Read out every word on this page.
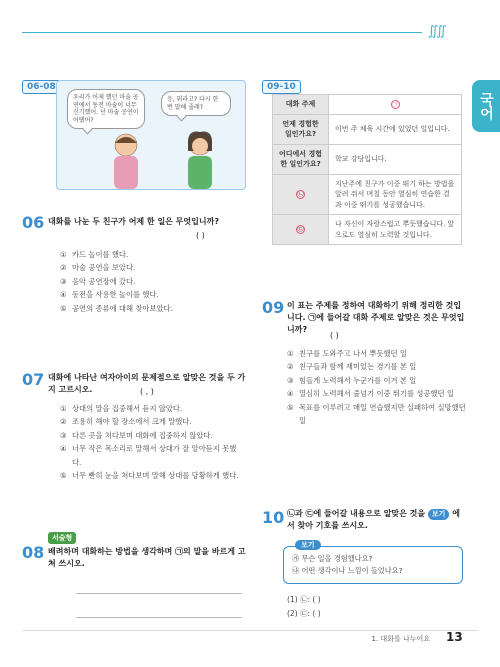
∬∬
국어
06-08
우리가 어제 했던 마술 공연에서 동전 마술이 너무 신기했어. 넌 마술 공연이 어땠어?
응, 뭐라고? 다시 한 번 말해 줄래?
06 대화를 나눈 두 친구가 어제 한 일은 무엇입니까?
( )
① 카드 놀이를 했다.
② 마술 공연을 보았다.
③ 음악 공연장에 갔다.
④ 동전을 사용한 놀이를 했다.
⑤ 공연의 종류에 대해 찾아보았다.
07 대화에 나타난 여자아이의 문제점으로 알맞은 것을 두 가지 고르시오.	( , )
① 상대의 말을 집중해서 듣지 않았다.
② 조용히 해야 할 장소에서 크게 말했다.
③ 다른 곳을 쳐다보며 대화에 집중하지 않았다.
④ 너무 작은 목소리로 말해서 상대가 잘 알아듣지 못했다.
⑤ 너무 빤히 눈을 쳐다보며 말해 상대를 당황하게 했다.
서술형
08 배려하며 대화하는 방법을 생각하며 ㉠의 말을 바르게 고쳐 쓰시오.
09-10
대화 주제	㉠
언제 경험한 일인가요?	이번 주 체육 시간에 있었던 일입니다.
어디에서 경험한 일인가요?	학교 강당입니다.
㉡	지난주에 친구가 이중 뛰기 하는 방법을 알려 줘서 며칠 동안 열심히 연습한 결과 이중 뛰기를 성공했습니다.
㉢	나 자신이 자랑스럽고 뿌듯했습니다. 앞으로도 열심히 노력할 것입니다.
09 이 표는 주제를 정하여 대화하기 위해 정리한 것입니다. ㉠에 들어갈 대화 주제로 알맞은 것은 무엇입니까?
( )
① 친구를 도와주고 나서 뿌듯했던 일
② 친구들과 함께 재미있는 경기를 본 일
③ 힘들게 노력해서 누군가를 이겨 본 일
④ 열심히 노력해서 줄넘기 이중 뛰기를 성공했던 일
⑤ 목표를 이루려고 매일 연습했지만 실패하여 실망했던 일
10 ㉡과 ㉢에 들어갈 내용으로 알맞은 것을 보기 에서 찾아 기호를 쓰시오.
㉮ 무슨 일을 경험했나요?
㉯ 어떤 생각이나 느낌이 들었나요?
보기
(1) ㉡: ( )
(2) ㉢: ( )
1. 대화를 나누어요 13
